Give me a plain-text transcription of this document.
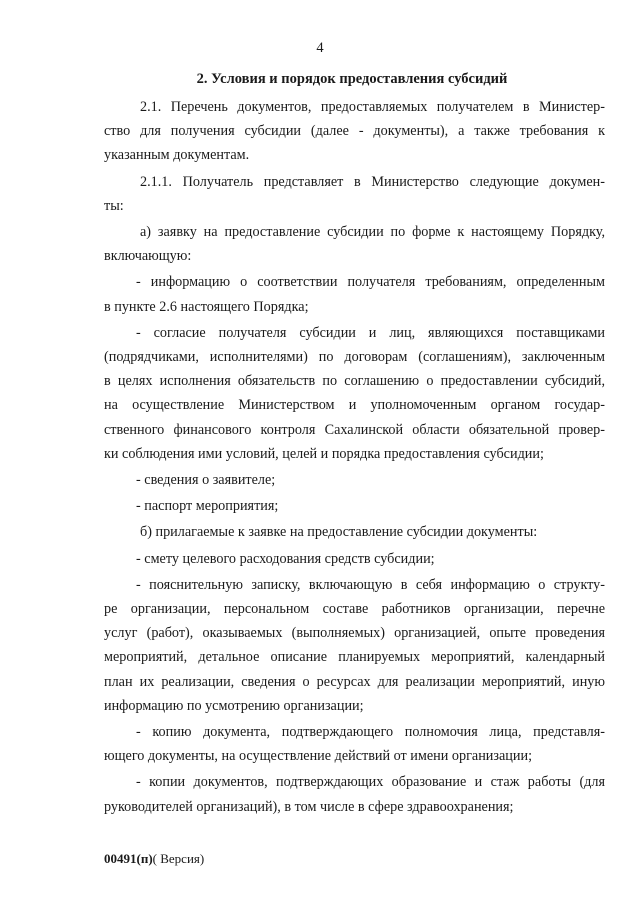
4
2. Условия и порядок предоставления субсидий
2.1. Перечень документов, предоставляемых получателем в Министер-
ство для получения субсидии (далее - документы), а также требования к
указанным документам.
2.1.1. Получатель представляет в Министерство следующие докумен-
ты:
а) заявку на предоставление субсидии по форме к настоящему Порядку,
включающую:
- информацию о соответствии получателя требованиям, определенным
в пункте 2.6 настоящего Порядка;
- согласие получателя субсидии и лиц, являющихся поставщиками
(подрядчиками, исполнителями) по договорам (соглашениям), заключенным
в целях исполнения обязательств по соглашению о предоставлении субсидий,
на осуществление Министерством и уполномоченным органом государ-
ственного финансового контроля Сахалинской области обязательной провер-
ки соблюдения ими условий, целей и порядка предоставления субсидии;
- сведения о заявителе;
- паспорт мероприятия;
б) прилагаемые к заявке на предоставление субсидии документы:
- смету целевого расходования средств субсидии;
- пояснительную записку, включающую в себя информацию о структу-
ре организации, персональном составе работников организации, перечне
услуг (работ), оказываемых (выполняемых) организацией, опыте проведения
мероприятий, детальное описание планируемых мероприятий, календарный
план их реализации, сведения о ресурсах для реализации мероприятий, иную
информацию по усмотрению организации;
- копию документа, подтверждающего полномочия лица, представля-
ющего документы, на осуществление действий от имени организации;
- копии документов, подтверждающих образование и стаж работы (для
руководителей организаций), в том числе в сфере здравоохранения;
00491(п)( Версия)
